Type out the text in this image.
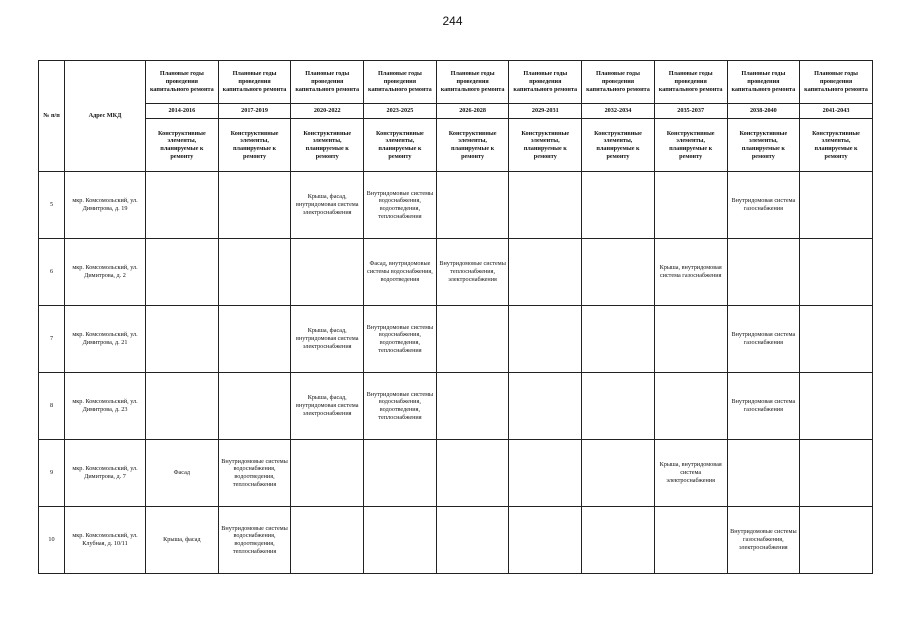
244
№ п/п	Адрес МКД	Плановые годы проведения капитального ремонта	Плановые годы проведения капитального ремонта	Плановые годы проведения капитального ремонта	Плановые годы проведения капитального ремонта	Плановые годы проведения капитального ремонта	Плановые годы проведения капитального ремонта	Плановые годы проведения капитального ремонта	Плановые годы проведения капитального ремонта	Плановые годы проведения капитального ремонта	Плановые годы проведения капитального ремонта
		2014-2016	2017-2019	2020-2022	2023-2025	2026-2028	2029-2031	2032-2034	2035-2037	2038-2040	2041-2043
		Конструктивные элементы, планируемые к ремонту	Конструктивные элементы, планируемые к ремонту	Конструктивные элементы, планируемые к ремонту	Конструктивные элементы, планируемые к ремонту	Конструктивные элементы, планируемые к ремонту	Конструктивные элементы, планируемые к ремонту	Конструктивные элементы, планируемые к ремонту	Конструктивные элементы, планируемые к ремонту	Конструктивные элементы, планируемые к ремонту	Конструктивные элементы, планируемые к ремонту
5	мкр. Комсомольский, ул. Димитрова, д. 19			Крыша, фасад, внутридомовая система электроснабжения	Внутридомовые системы водоснабжения, водоотведения, теплоснабжения					Внутридомовая система газоснабжения	
6	мкр. Комсомольский, ул. Димитрова, д. 2				Фасад, внутридомовые системы водоснабжения, водоотведения	Внутридомовые системы теплоснабжения, электроснабжения			Крыша, внутридомовая система газоснабжения		
7	мкр. Комсомольский, ул. Димитрова, д. 21			Крыша, фасад, внутридомовая система электроснабжения	Внутридомовые системы водоснабжения, водоотведения, теплоснабжения					Внутридомовая система газоснабжения	
8	мкр. Комсомольский, ул. Димитрова, д. 23			Крыша, фасад, внутридомовая система электроснабжения	Внутридомовые системы водоснабжения, водоотведения, теплоснабжения					Внутридомовая система газоснабжения	
9	мкр. Комсомольский, ул. Димитрова, д. 7	Фасад	Внутридомовые системы водоснабжения, водоотведения, теплоснабжения						Крыша, внутридомовая система электроснабжения		
10	мкр. Комсомольский, ул. Клубная, д. 10/11	Крыша, фасад	Внутридомовые системы водоснабжения, водоотведения, теплоснабжения							Внутридомовые системы газоснабжения, электроснабжения	
